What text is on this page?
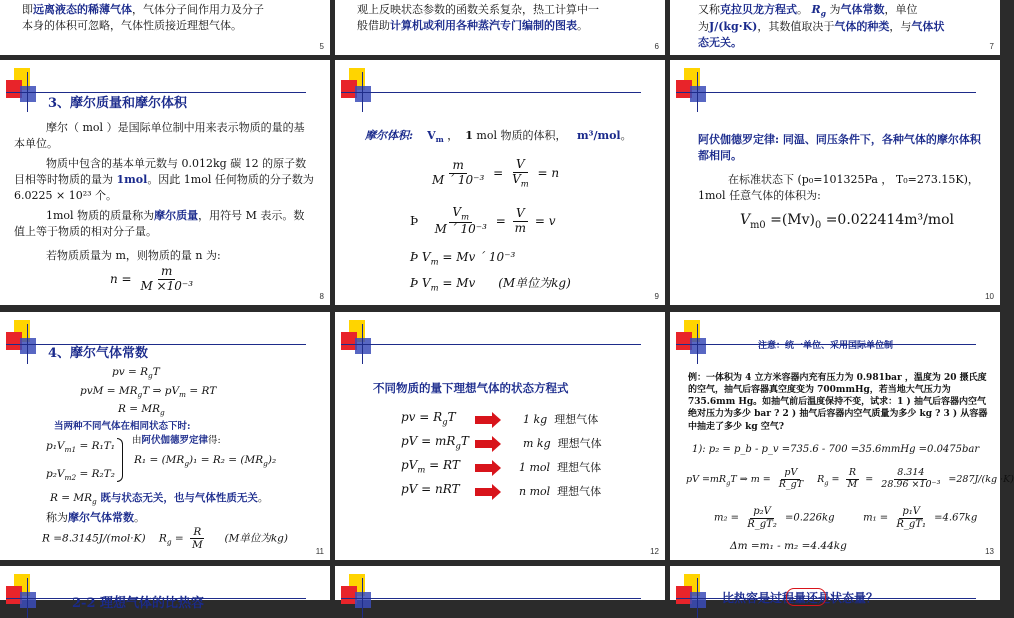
即远离液态的稀薄气体，气体分子间作用力及分子
本身的体积可忽略，气体性质接近理想气体。
5
观上反映状态参数的函数关系复杂，热工计算中一
般借助计算机或利用各种蒸汽专门编制的图表。
6
又称克拉贝龙方程式。 $R_g$ 为气体常数，单位
为J/(kg·K)，其数值取决于气体的种类，与气体状
态无关。	7
3、摩尔质量和摩尔体积
摩尔（ mol ）是国际单位制中用来表示物质的量的基本单位。
物质中包含的基本单元数与 0.012kg 碳 12 的原子数目相等时物质的量为 1mol。因此 1mol 任何物质的分子数为 6.0225 × 10²³ 个。
1mol 物质的质量称为摩尔质量，用符号 M 表示。数值上等于物质的相对分子量。
若物质质量为 m，则物质的量 n 为:
$n = \frac{m}{\text{M ×10⁻³}}$
8
摩尔体积: $V_m$ ， 1 mol 物质的体积， m³/mol。
$\frac{m}{\text{M ´ 10⁻³}} = \frac{V}{V_m} = n$
Þ $\frac{V_m}{\text{M ´ 10⁻³}} = \frac{V}{m} = v$
Þ $V_m = Mv$ ´ 10⁻³
Þ $V_m = Mv$ (M单位为kg)
9
阿伏伽德罗定律: 同温、同压条件下，各种气体的摩尔体积都相同。
在标准状态下 (p₀=101325Pa ， T₀=273.15K)，1mol 任意气体的体积为:
$V_{m0} =(Mv)_0 =0.022414m^3/mol$
10
4、摩尔气体常数
pv = $R_gT$
pvM = $MR_gT$ ⇒ $pV_m$ = RT
$R = MR_g$
当两种不同气体在相同状态下时:
$p_1V_{m1} = R_1T_1$
$p_2V_{m2} = R_2T_2$
由阿伏伽德罗定律得:
$R_1 = (MR_g)_1 = R_2 = (MR_g)_2$
$R = MR_g$ 既与状态无关，也与气体性质无关。
称为摩尔气体常数。
R =8.3145J/(mol·K) $R_g = \frac{R}{M} (M$单位为kg)
11
不同物质的量下理想气体的状态方程式
pv = $R_gT$	1 kg 理想气体
pV = $mR_gT$	m kg 理想气体
$pV_m$ = RT	1 mol 理想气体
pV = nRT	n mol 理想气体
12
注意：统一单位、采用国际单位制
例：一体积为 4 立方米容器内充有压力为 0.981bar ，温度为 20 摄氏度的空气，抽气后容器真空度变为 700mmHg，若当地大气压力为 735.6mm Hg。如抽气前后温度保持不变，试求：1 ) 抽气后容器内空气绝对压力为多少 bar ? 2 ) 抽气后容器内空气质量为多少 kg ? 3 ) 从容器中抽走了多少 kg 空气?
1): p₂ = p_b - p_v =735.6 - 700 =35.6mmHg =0.0475bar
pV $=mR_gT$ ⇒ $m = \frac{pV}{R\_gT} R_g = \frac{R}{M} = \frac{8.314}{\text{28.96 ×10⁻³}} =287J/(kg \cdot K)$
$m_2 = \frac{\text{p₂V}}{\text{R\_gT₂}} =0.226kg$	$m_1 = \frac{\text{p₁V}}{\text{R\_gT₁}} =4.67kg$
Δm =m₁ - m₂ =4.44kg	13
2-2 理想气体的比热容	比热容是过程量还是状态量？
